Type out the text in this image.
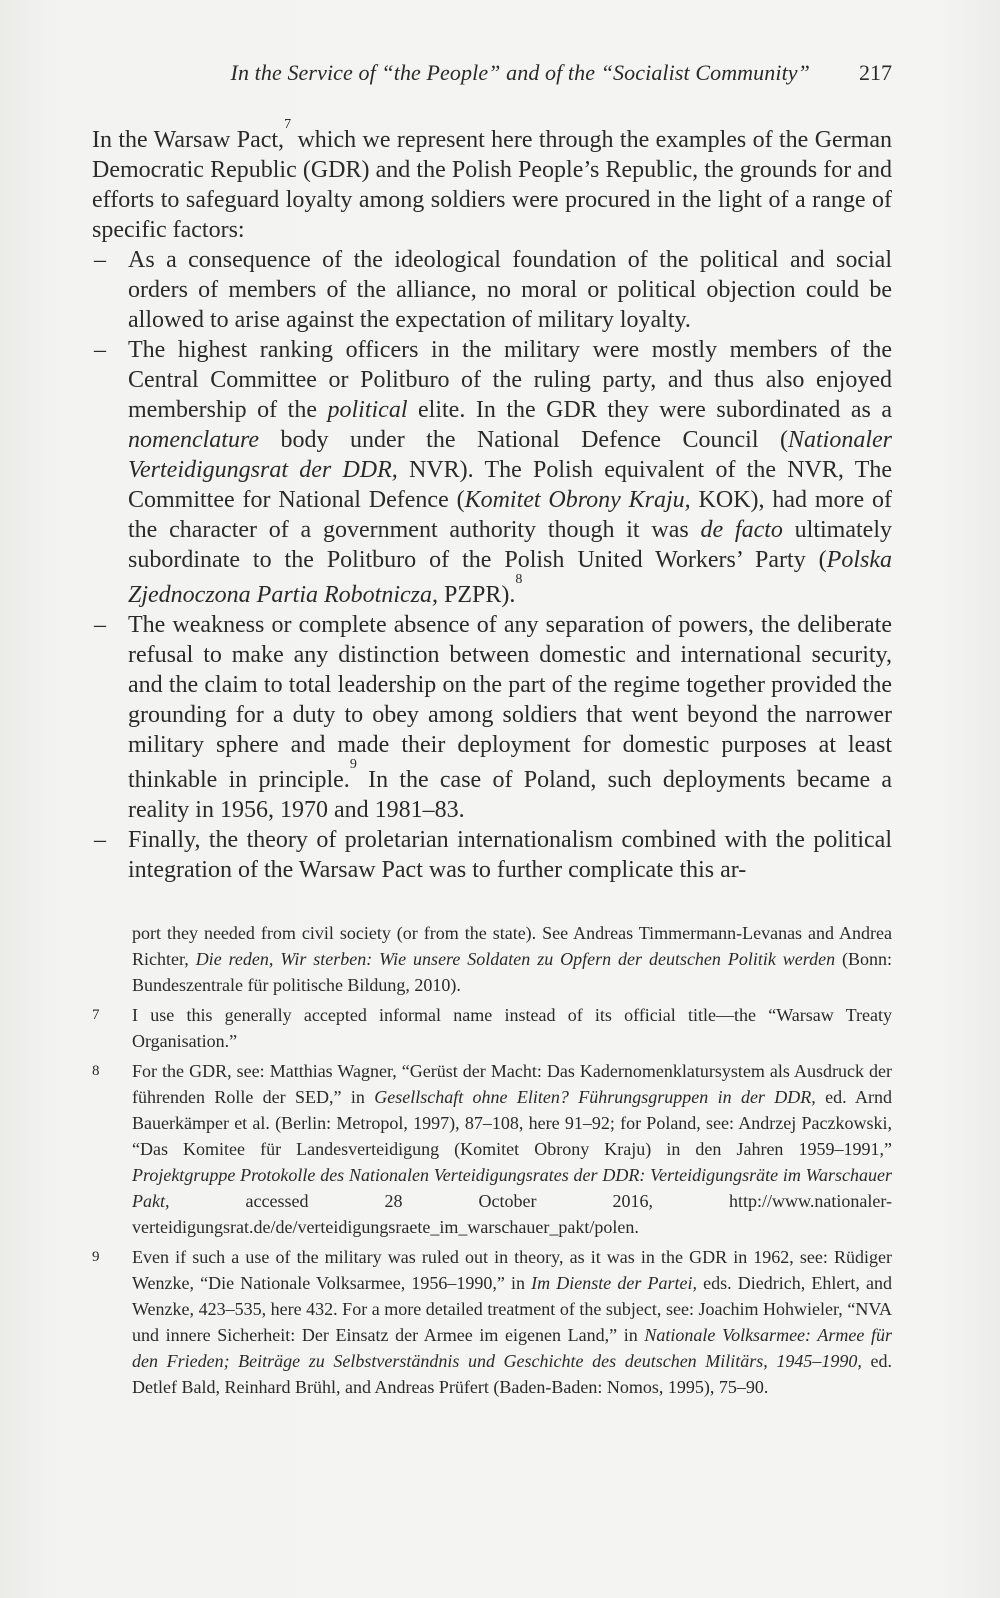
In the Service of “the People” and of the “Socialist Community” 217

In the Warsaw Pact,$^7$ which we represent here through the examples of the German Democratic Republic (GDR) and the Polish People’s Republic, the grounds for and efforts to safeguard loyalty among soldiers were procured in the light of a range of specific factors:

– As a consequence of the ideological foundation of the political and social orders of members of the alliance, no moral or political objection could be allowed to arise against the expectation of military loyalty.
– The highest ranking officers in the military were mostly members of the Central Committee or Politburo of the ruling party, and thus also enjoyed membership of the political elite. In the GDR they were subordinated as a nomenclature body under the National Defence Council (Nationaler Verteidigungsrat der DDR, NVR). The Polish equivalent of the NVR, The Committee for National Defence (Komitet Obrony Kraju, KOK), had more of the character of a government authority though it was de facto ultimately subordinate to the Politburo of the Polish United Workers’ Party (Polska Zjednoczona Partia Robotnicza, PZPR).$^8$
– The weakness or complete absence of any separation of powers, the deliberate refusal to make any distinction between domestic and international security, and the claim to total leadership on the part of the regime together provided the grounding for a duty to obey among soldiers that went beyond the narrower military sphere and made their deployment for domestic purposes at least thinkable in principle.$^9$ In the case of Poland, such deployments became a reality in 1956, 1970 and 1981–83.
– Finally, the theory of proletarian internationalism combined with the political integration of the Warsaw Pact was to further complicate this ar-

port they needed from civil society (or from the state). See Andreas Timmermann-Levanas and Andrea Richter, Die reden, Wir sterben: Wie unsere Soldaten zu Opfern der deutschen Politik werden (Bonn: Bundeszentrale für politische Bildung, 2010).

7 I use this generally accepted informal name instead of its official title—the “Warsaw Treaty Organisation.”

8 For the GDR, see: Matthias Wagner, “Gerüst der Macht: Das Kadernomenklatursystem als Ausdruck der führenden Rolle der SED,” in Gesellschaft ohne Eliten? Führungsgruppen in der DDR, ed. Arnd Bauerkämper et al. (Berlin: Metropol, 1997), 87–108, here 91–92; for Poland, see: Andrzej Paczkowski, “Das Komitee für Landesverteidigung (Komitet Obrony Kraju) in den Jahren 1959–1991,” Projektgruppe Protokolle des Nationalen Verteidigungsrates der DDR: Verteidigungsräte im Warschauer Pakt, accessed 28 October 2016, http://www.nationaler-verteidigungsrat.de/de/verteidigungsraete_im_warschauer_pakt/polen.

9 Even if such a use of the military was ruled out in theory, as it was in the GDR in 1962, see: Rüdiger Wenzke, “Die Nationale Volksarmee, 1956–1990,” in Im Dienste der Partei, eds. Diedrich, Ehlert, and Wenzke, 423–535, here 432. For a more detailed treatment of the subject, see: Joachim Hohwieler, “NVA und innere Sicherheit: Der Einsatz der Armee im eigenen Land,” in Nationale Volksarmee: Armee für den Frieden; Beiträge zu Selbstverständnis und Geschichte des deutschen Militärs, 1945–1990, ed. Detlef Bald, Reinhard Brühl, and Andreas Prüfert (Baden-Baden: Nomos, 1995), 75–90.
